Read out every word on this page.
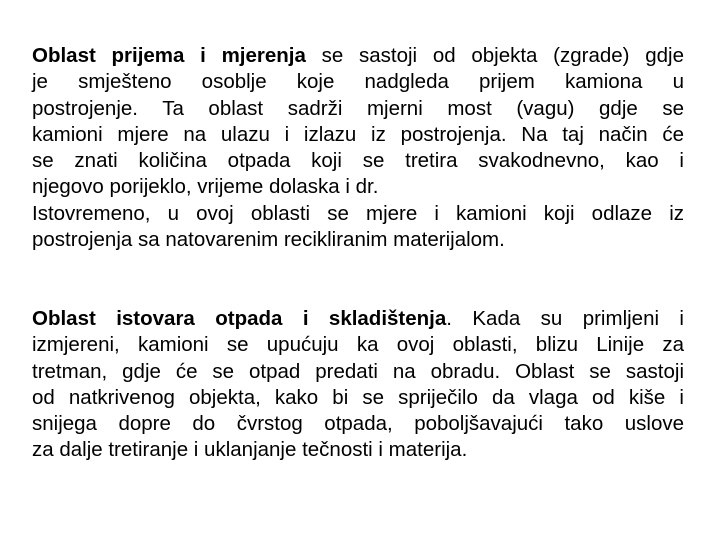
Oblast prijema i mjerenja se sastoji od objekta (zgrade) gdje
je smješteno osoblje koje nadgleda prijem kamiona u
postrojenje. Ta oblast sadrži mjerni most (vagu) gdje se
kamioni mjere na ulazu i izlazu iz postrojenja. Na taj način će
se znati količina otpada koji se tretira svakodnevno, kao i
njegovo porijeklo, vrijeme dolaska i dr.
Istovremeno, u ovoj oblasti se mjere i kamioni koji odlaze iz
postrojenja sa natovarenim recikliranim materijalom.
Oblast istovara otpada i skladištenja. Kada su primljeni i
izmjereni, kamioni se upućuju ka ovoj oblasti, blizu Linije za
tretman, gdje će se otpad predati na obradu. Oblast se sastoji
od natkrivenog objekta, kako bi se spriječilo da vlaga od kiše i
snijega dopre do čvrstog otpada, poboljšavajući tako uslove
za dalje tretiranje i uklanjanje tečnosti i materija.
